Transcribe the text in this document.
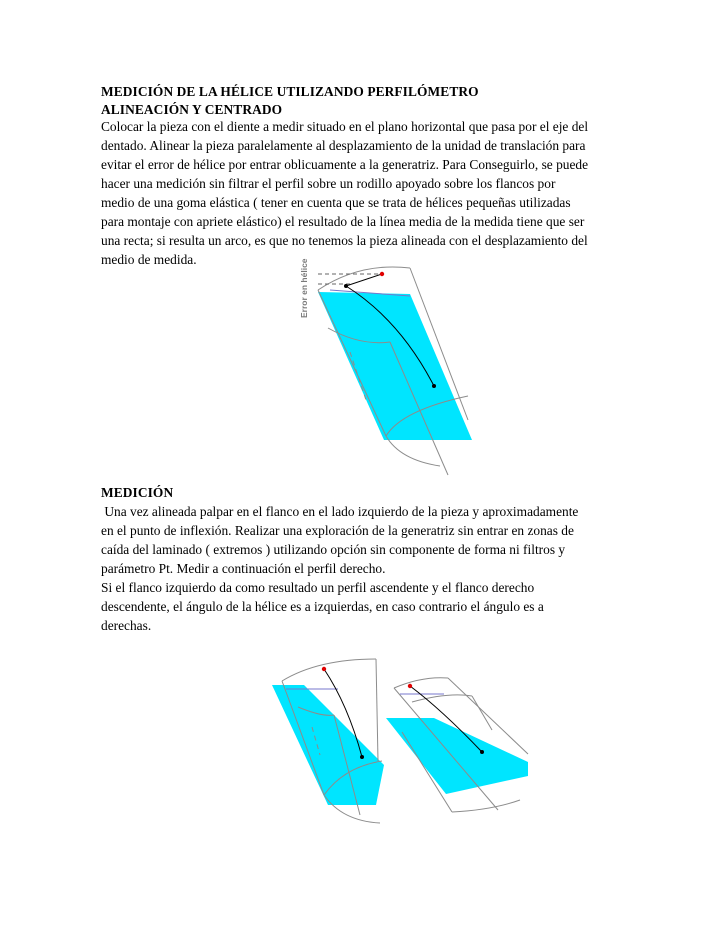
MEDICIÓN DE LA HÉLICE UTILIZANDO PERFILÓMETRO

ALINEACIÓN Y CENTRADO

Colocar la pieza con el diente a medir situado en el plano horizontal que pasa por el eje del
dentado. Alinear la pieza paralelamente al desplazamiento de la unidad de translación para
evitar el error de hélice por entrar oblicuamente a la generatriz. Para Conseguirlo, se puede
hacer una medición sin filtrar el perfil sobre un rodillo apoyado sobre los flancos por
medio de una goma elástica ( tener en cuenta que se trata de hélices pequeñas utilizadas
para montaje con apriete elástico) el resultado de la línea media de la medida tiene que ser
una recta; si resulta un arco, es que no tenemos la pieza alineada con el desplazamiento del
medio de medida.	Error en hélice

MEDICIÓN

Una vez alineada palpar en el flanco en el lado izquierdo de la pieza y aproximadamente
en el punto de inflexión. Realizar una exploración de la generatriz sin entrar en zonas de
caída del laminado ( extremos ) utilizando opción sin componente de forma ni filtros y
parámetro Pt. Medir a continuación el perfil derecho.
Si el flanco izquierdo da como resultado un perfil ascendente y el flanco derecho
descendente, el ángulo de la hélice es a izquierdas, en caso contrario el ángulo es a
derechas.
